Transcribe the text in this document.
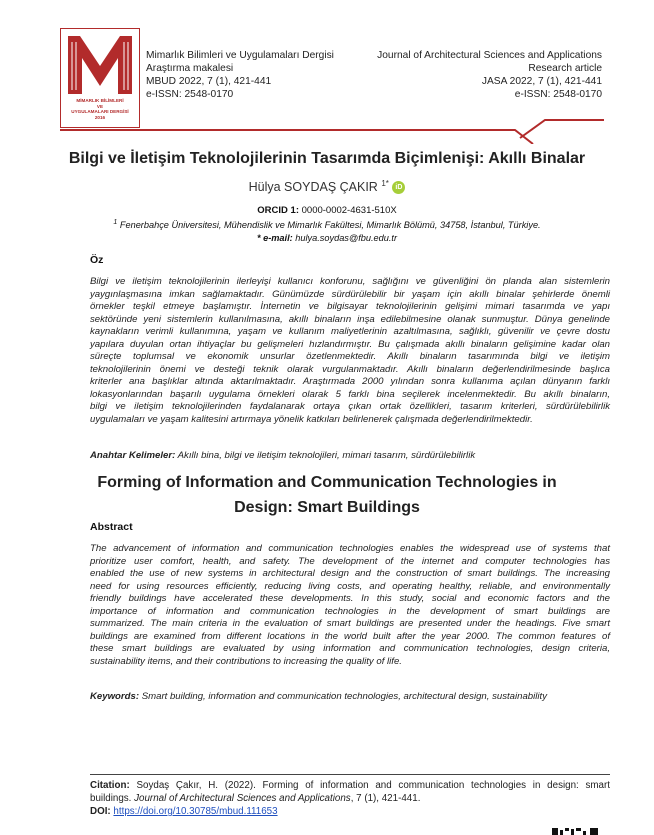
MİMARLIK BİLİMLERİ
VE
UYGULAMALARI DERGİSİ
2016
Mimarlık Bilimleri ve Uygulamaları Dergisi
Araştırma makalesi
MBUD 2022, 7 (1), 421-441
e-ISSN: 2548-0170
Journal of Architectural Sciences and Applications
Research article
JASA 2022, 7 (1), 421-441
e-ISSN: 2548-0170
Bilgi ve İletişim Teknolojilerinin Tasarımda Biçimlenişi: Akıllı Binalar
Hülya SOYDAŞ ÇAKIR $^{1*}$ iD
ORCID 1: 0000-0002-4631-510X
$^1$ Fenerbahçe Üniversitesi, Mühendislik ve Mimarlık Fakültesi, Mimarlık Bölümü, 34758, İstanbul, Türkiye.
* e-mail: hulya.soydas@fbu.edu.tr
Öz
Bilgi ve iletişim teknolojilerinin ilerleyişi kullanıcı konforunu, sağlığını ve güvenliğini ön planda alan sistemlerin
yaygınlaşmasına imkan sağlamaktadır. Günümüzde sürdürülebilir bir yaşam için akıllı binalar şehirlerde önemli
örnekler teşkil etmeye başlamıştır. İnternetin ve bilgisayar teknolojilerinin gelişimi mimari tasarımda ve yapı
sektöründe yeni sistemlerin kullanılmasına, akıllı binaların inşa edilebilmesine olanak sunmuştur. Dünya genelinde
kaynakların verimli kullanımına, yaşam ve kullanım maliyetlerinin azaltılmasına, sağlıklı, güvenilir ve çevre dostu
yapılara duyulan ortan ihtiyaçlar bu gelişmeleri hızlandırmıştır. Bu çalışmada akıllı binaların gelişimine kadar olan
süreçte toplumsal ve ekonomik unsurlar özetlenmektedir. Akıllı binaların tasarımında bilgi ve iletişim
teknolojilerinin önemi ve desteği teknik olarak vurgulanmaktadır. Akıllı binaların değerlendirilmesinde başlıca
kriterler ana başlıklar altında aktarılmaktadır. Araştırmada 2000 yılından sonra kullanıma açılan dünyanın farklı
lokasyonlarından başarılı uygulama örnekleri olarak 5 farklı bina seçilerek incelenmektedir. Bu akıllı binaların,
bilgi ve iletişim teknolojilerinden faydalanarak ortaya çıkan ortak özellikleri, tasarım kriterleri, sürdürülebilirlik
uygulamaları ve yaşam kalitesini artırmaya yönelik katkıları belirlenerek çalışmada değerlendirilmektedir.
Anahtar Kelimeler: Akıllı bina, bilgi ve iletişim teknolojileri, mimari tasarım, sürdürülebilirlik
Forming of Information and Communication Technologies in Design: Smart Buildings
Abstract
The advancement of information and communication technologies enables the widespread use of systems that
prioritize user comfort, health, and safety. The development of the internet and computer technologies has
enabled the use of new systems in architectural design and the construction of smart buildings. The increasing
need for using resources efficiently, reducing living costs, and operating healthy, reliable, and environmentally
friendly buildings have accelerated these developments. In this study, social and economic factors and the
importance of information and communication technologies in the development of smart buildings are
summarized. The main criteria in the evaluation of smart buildings are presented under the headings. Five smart
buildings are examined from different locations in the world built after the year 2000. The common features of
these smart buildings are evaluated by using information and communication technologies, design criteria,
sustainability items, and their contributions to increasing the quality of life.
Keywords: Smart building, information and communication technologies, architectural design, sustainability
Citation: Soydaş Çakır, H. (2022). Forming of information and communication technologies in design: smart
buildings. Journal of Architectural Sciences and Applications, 7 (1), 421-441.
DOI: https://doi.org/10.30785/mbud.111653
